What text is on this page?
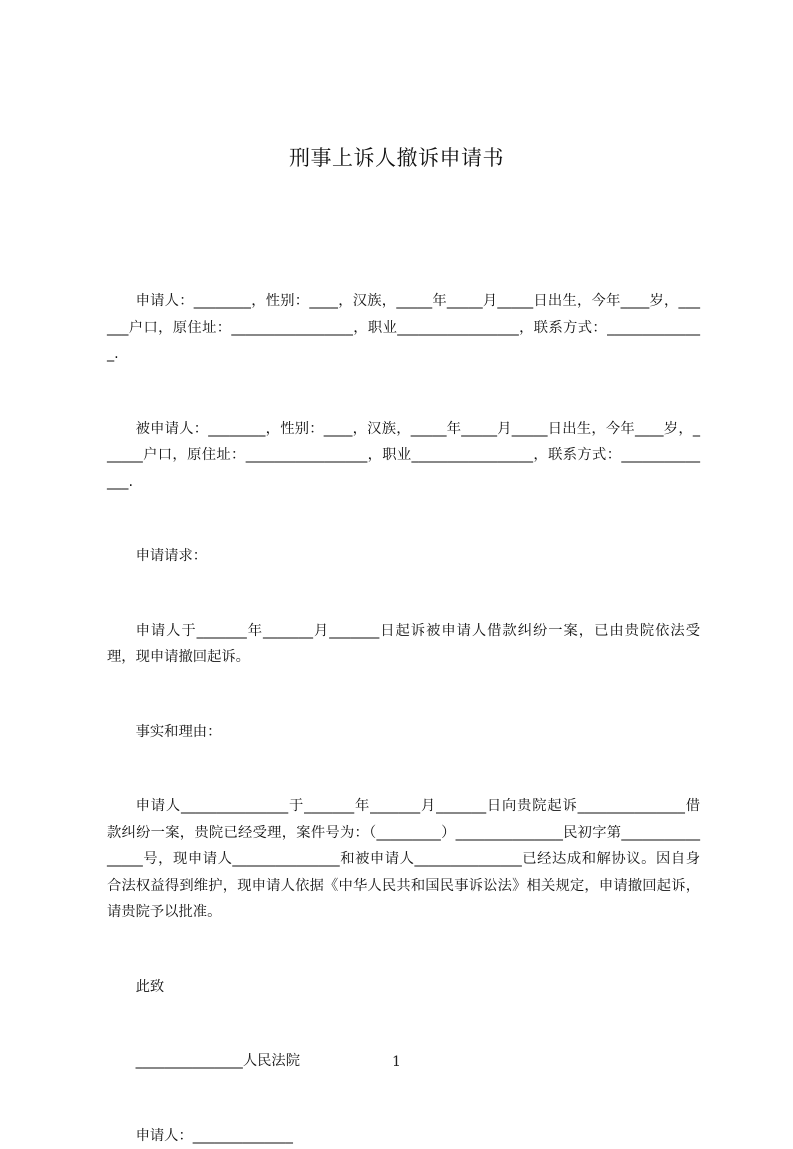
刑事上诉人撤诉申请书

申请人：________，性别：____，汉族，_____年_____月_____日出生，今年____岁，______户口，原住址：_________________，职业_________________，联系方式：______________.

被申请人：________，性别：____，汉族，_____年_____月_____日出生，今年____岁，______户口，原住址：_________________，职业_________________，联系方式：______________.

申请请求：

申请人于_______年_______月_______日起诉被申请人借款纠纷一案，已由贵院依法受理，现申请撤回起诉。

事实和理由：

申请人_______________于_______年_______月_______日向贵院起诉_______________借款纠纷一案，贵院已经受理，案件号为：（_________）_______________民初字第________________号，现申请人_______________和被申请人_______________已经达成和解协议。因自身合法权益得到维护，现申请人依据《中华人民共和国民事诉讼法》相关规定，申请撤回起诉，请贵院予以批准。

此致

_______________人民法院

申请人：______________

1
